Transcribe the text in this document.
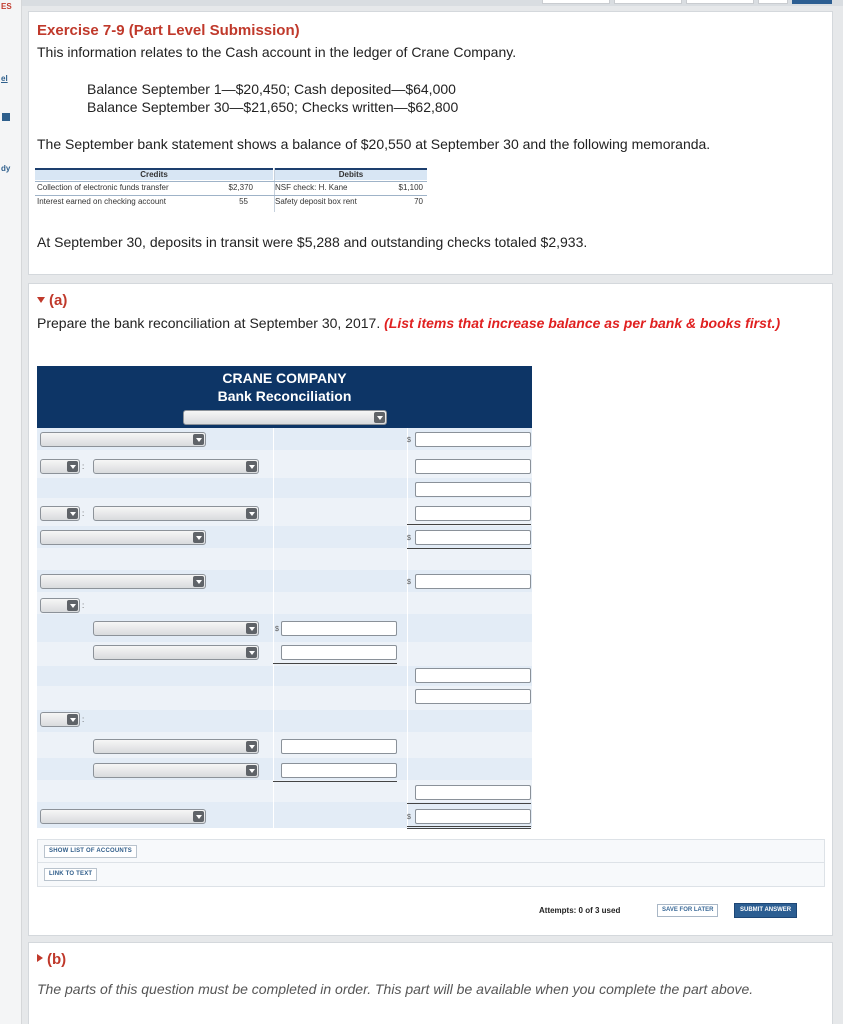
ES
el
dy
Exercise 7-9 (Part Level Submission)
This information relates to the Cash account in the ledger of Crane Company.
Balance September 1—$20,450; Cash deposited—$64,000
Balance September 30—$21,650; Checks written—$62,800
The September bank statement shows a balance of $20,550 at September 30 and the following memoranda.
Credits	Debits
Collection of electronic funds transfer	$2,370	NSF check: H. Kane	$1,100
Interest earned on checking account	55	Safety deposit box rent	70
At September 30, deposits in transit were $5,288 and outstanding checks totaled $2,933.
(a)
Prepare the bank reconciliation at September 30, 2017. (List items that increase balance as per bank & books first.)
CRANE COMPANY
Bank Reconciliation
$
:
:
$
$
:
$
:
$
SHOW LIST OF ACCOUNTS
LINK TO TEXT
Attempts: 0 of 3 used	SAVE FOR LATER	SUBMIT ANSWER
(b)
The parts of this question must be completed in order. This part will be available when you complete the part above.
